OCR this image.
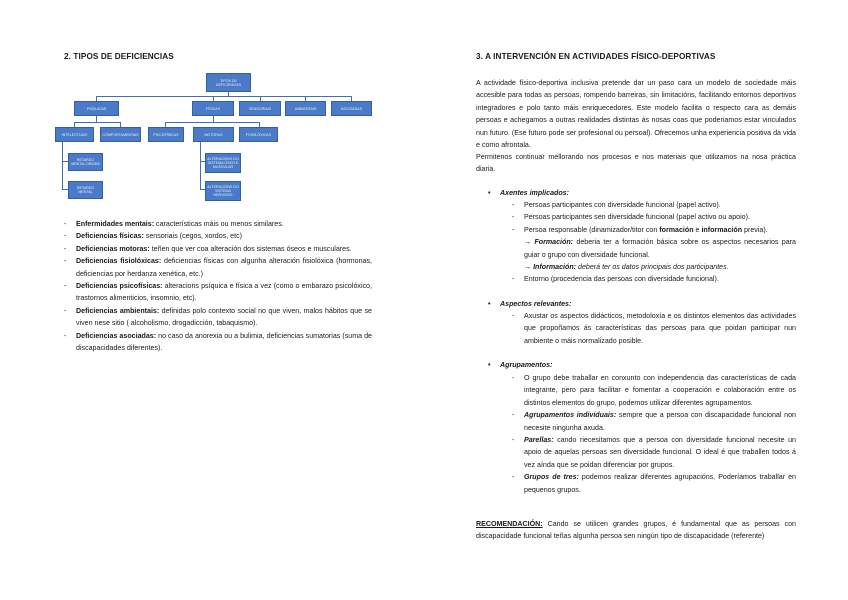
2. TIPOS DE DEFICIENCIAS
TIPOS DE DEFICIENCIAS
PSÍQUICAS	FÍSICAS	SENSORIAIS	AMBIENTAIS	ASOCIADAS
INTELECTUAIS	COMPORTAMENTAIS
RETARDO MENTAL DEBIDA
RETARDO MENTAL
PSICOFÍSICAS	MOTORAS	FISIOLÓXICAS
ALTERACIÓNS DO SISTEMA ÓSEO E MUSCULAR
ALTERACIÓNS DO SISTEMA NERVIOSO
- Enfermidades mentais: características máis ou menos similares.
- Deficiencias físicas: sensoriais (cegos, xordos, etc)
- Deficiencias motoras: teñen que ver coa alteración dos sistemas óseos e musculares.
- Deficiencias fisiolóxicas: deficiencias físicas con algunha alteración fisiolóxica (hormonas, deficiencias por herdanza xenética, etc.)
- Deficiencias psicofísicas: alteracions psíquica e física a vez (como o embarazo psicolóxico, trastornos alimenticios, insomnio, etc).
- Deficiencias ambientais: definidas polo contexto social no que viven, malos hábitos que se viven nese sitio ( alcoholismo, drogadicción, tabaquismo).
- Deficiencias asociadas: no caso da anorexia ou a bulimia, deficiencias sumatorias (suma de discapacidades diferentes).
3. A INTERVENCIÓN EN ACTIVIDADES FÍSICO-DEPORTIVAS

A actividade físico-deportiva inclusiva pretende dar un paso cara un modelo de sociedade máis accesible para todas as persoas, rompendo barreiras, sin limitacións, facilitando entornos deportivos integradores e polo tanto máis enriquecedores. Este modelo facilita o respecto cara as demáis persoas e achegamos a outras realidades distintas ás nosas coas que poderiamos estar vinculados nun futuro. (Ese futuro pode ser profesional ou persoal). Ofrecemos unha experiencia positiva da vida e como afrontala.

Permitenos continuar mellorando nos procesos e nos materiais que utilizamos na nosa práctica diaria.

• Axentes implicados:
- Persoas participantes con diversidade funcional (papel activo).
- Persoas participantes sen diversidade funcional (papel activo ou apoio).
- Persoa responsable (dinamizador/titor con formación e información previa).
→ Formación: deberia ter a formación básica sobre os aspectos necesarios para guiar o grupo con diversidade funcional.
→ Información: deberá ter os datos principais dos participantes.
- Entorno (procedencia das persoas con diversidade funcional).
• Aspectos relevantes:
- Axustar os aspectos didácticos, metodoloxía e os distintos elementos das actividades que propoñamos ás características das persoas para que poidan participar nun ambiente o máis normalizado posible.
• Agrupamentos:
- O grupo debe traballar en conxunto con independencia das características de cada integrante, pero para facilitar e fomentar a cooperación e colaboración entre os distintos elementos do grupo, podemos utilizar diferentes agrupamentos.
- Agrupamentos individuais: sempre que a persoa con discapacidade funcional non necesite ningunha axuda.
- Parellas: cando riecesitamos que a persoa con diversidade funcional necesite un apoio de aquelas persoas sen diversidade funcional. O ideal é que traballen todos á vez aínda que se poidan diferenciar por grupos.
- Grupos de tres: podemos realizar diferentes agrupacións. Poderíamos traballar en pequenos grupos.

RECOMENDACIÓN: Cando se utilicen grandes grupos, é fundamental que as persoas con discapacidade funcional teñas algunha persoa sen ningún tipo de discapacidade (referente)
